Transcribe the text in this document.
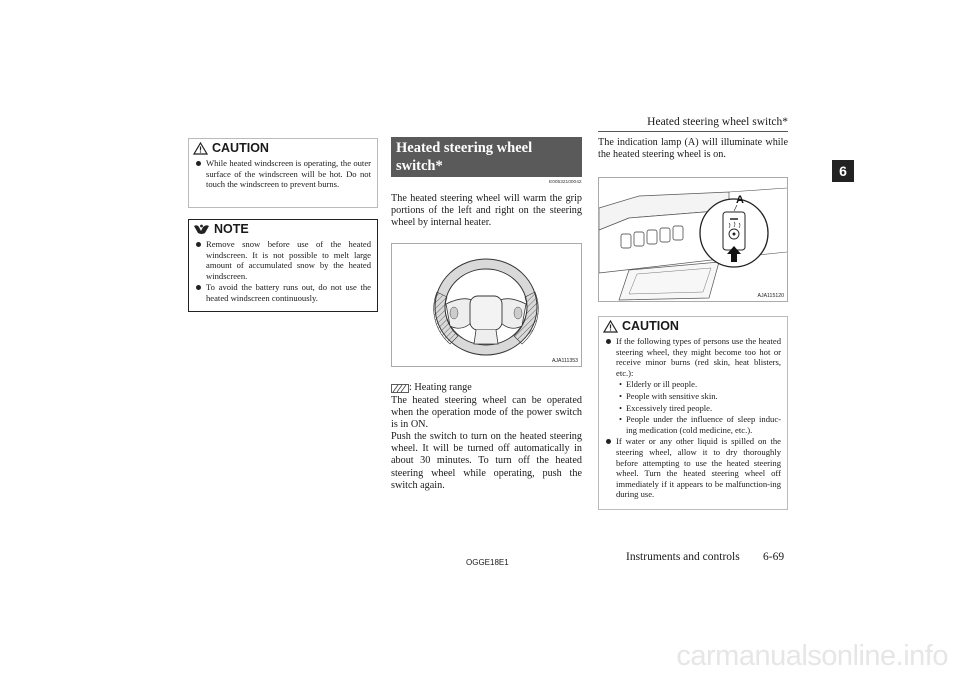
Heated steering wheel switch*
6
CAUTION
While heated windscreen is operating, the outer surface of the windscreen will be hot. Do not touch the windscreen to prevent burns.
NOTE
Remove snow before use of the heated windscreen. It is not possible to melt large amount of accumulated snow by the heated windscreen.
To avoid the battery runs out, do not use the heated windscreen continuously.
Heated steering wheel switch*
E00532100042
The heated steering wheel will warm the grip portions of the left and right on the steering wheel by internal heater.
AJA111353
: Heating range
The heated steering wheel can be operated when the operation mode of the power switch is in ON.
Push the switch to turn on the heated steering wheel. It will be turned off automatically in about 30 minutes. To turn off the heated steering wheel while operating, push the switch again.
The indication lamp (A) will illuminate while the heated steering wheel is on.
A
AJA115120
CAUTION
If the following types of persons use the heated steering wheel, they might become too hot or receive minor burns (red skin, heat blisters, etc.):
• Elderly or ill people.
• People with sensitive skin.
• Excessively tired people.
• People under the influence of sleep induc-ing medication (cold medicine, etc.).
If water or any other liquid is spilled on the steering wheel, allow it to dry thoroughly before attempting to use the heated steering wheel. Turn the heated steering wheel off immediately if it appears to be malfunction-ing during use.
OGGE18E1	Instruments and controls 6-69
carmanualsonline.info
